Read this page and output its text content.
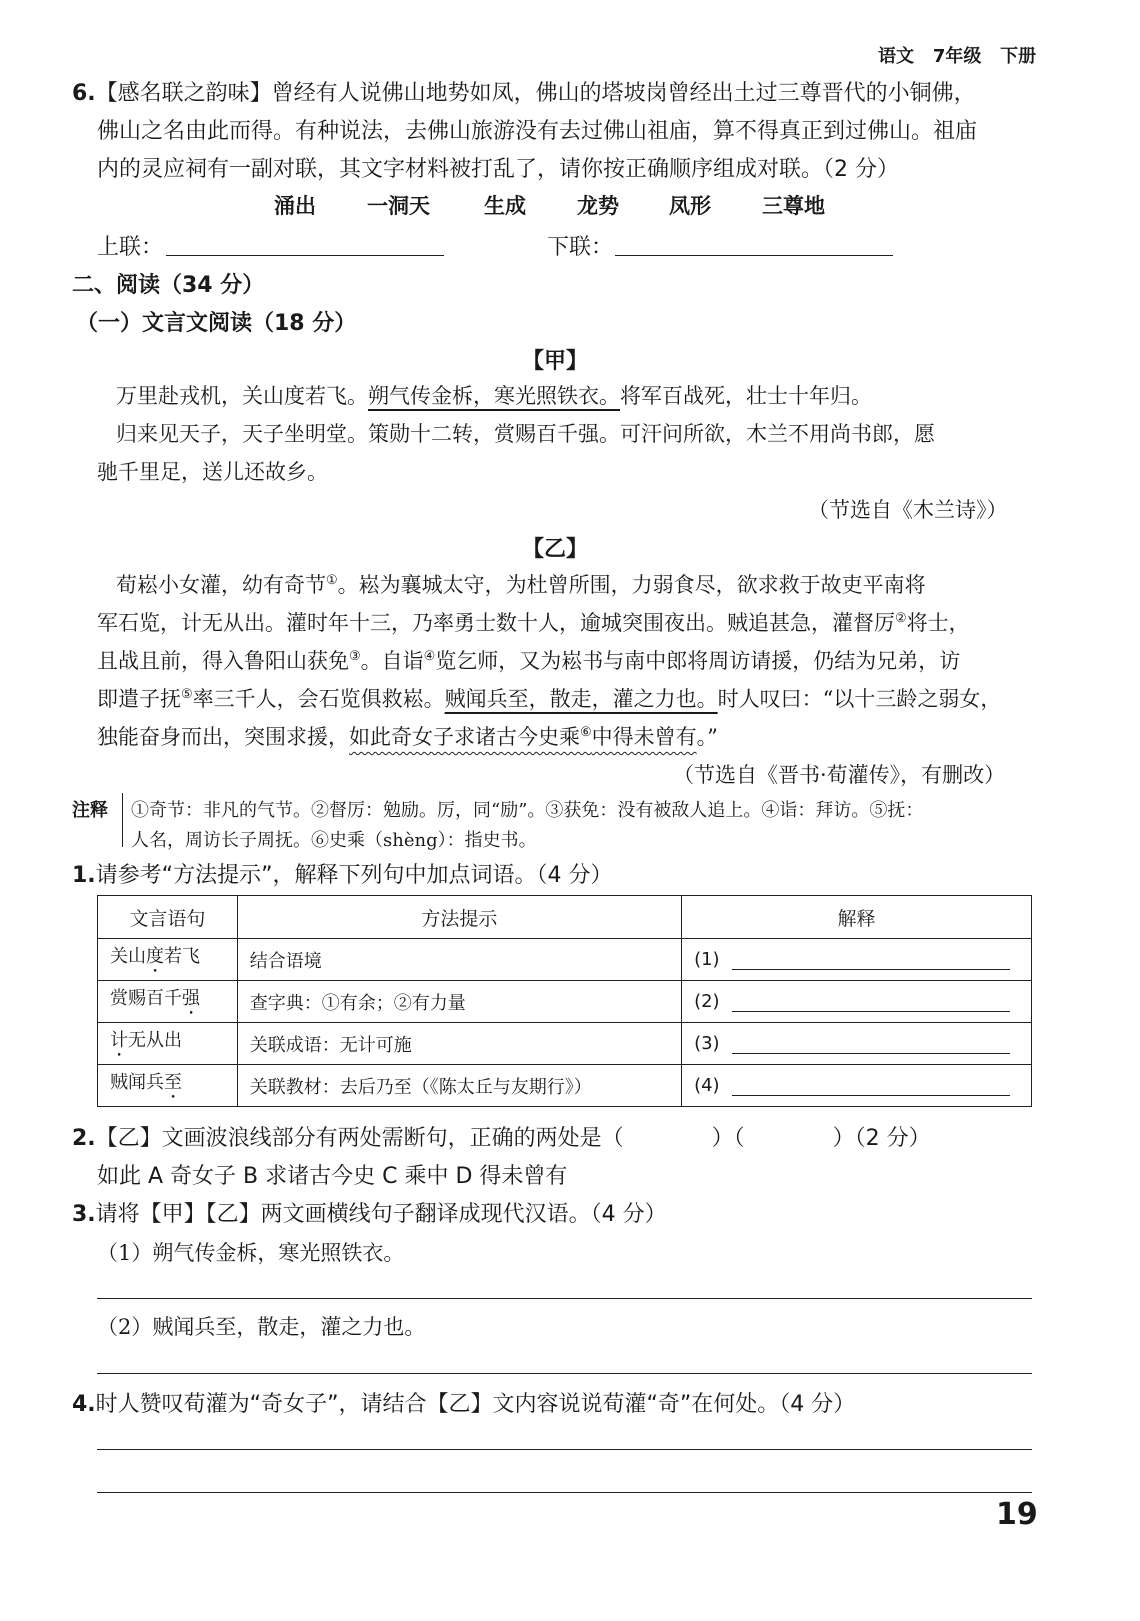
语文 7年级 下册
6.【感名联之韵味】曾经有人说佛山地势如凤，佛山的塔坡岗曾经出土过三尊晋代的小铜佛，
佛山之名由此而得。有种说法，去佛山旅游没有去过佛山祖庙，算不得真正到过佛山。祖庙
内的灵应祠有一副对联，其文字材料被打乱了，请你按正确顺序组成对联。（2 分）
涌出 一洞天	生成 龙势 凤形 三尊地
上联：	下联：
二、阅读（34 分）
（一）文言文阅读（18 分）
【甲】
万里赴戎机，关山度若飞。朔气传金柝，寒光照铁衣。将军百战死，壮士十年归。
归来见天子，天子坐明堂。策勋十二转，赏赐百千强。可汗问所欲，木兰不用尚书郎，愿
驰千里足，送儿还故乡。
（节选自《木兰诗》）
【乙】
荀崧小女灌，幼有奇节①。崧为襄城太守，为杜曾所围，力弱食尽，欲求救于故吏平南将
军石览，计无从出。灌时年十三，乃率勇士数十人，逾城突围夜出。贼追甚急，灌督厉②将士，
且战且前，得入鲁阳山获免③。自诣④览乞师，又为崧书与南中郎将周访请援，仍结为兄弟，访
即遣子抚⑤率三千人，会石览俱救崧。贼闻兵至，散走，灌之力也。时人叹曰：“以十三龄之弱女，
独能奋身而出，突围求援，如此奇女子求诸古今史乘⑥中得未曾有。”
（节选自《晋书·荀灌传》，有删改）
注释 ①奇节：非凡的气节。②督厉：勉励。厉，同“励”。③获免：没有被敌人追上。④诣：拜访。⑤抚：
人名，周访长子周抚。⑥史乘（shèng）：指史书。
1.请参考“方法提示”，解释下列句中加点词语。（4 分）
文言语句	方法提示	解释
关山度若飞	结合语境	(1)
赏赐百千强	查字典：①有余；②有力量	(2)
计无从出	关联成语：无计可施	(3)
贼闻兵至	关联教材：去后乃至（《陈太丘与友期行》）	(4)
2.【乙】文画波浪线部分有两处需断句，正确的两处是（　　　　）（　　　　）（2 分）
如此 A 奇女子 B 求诸古今史 C 乘中 D 得未曾有
3.请将【甲】【乙】两文画横线句子翻译成现代汉语。（4 分）
（1）朔气传金柝，寒光照铁衣。
（2）贼闻兵至，散走，灌之力也。
4.时人赞叹荀灌为“奇女子”，请结合【乙】文内容说说荀灌“奇”在何处。（4 分）
19
